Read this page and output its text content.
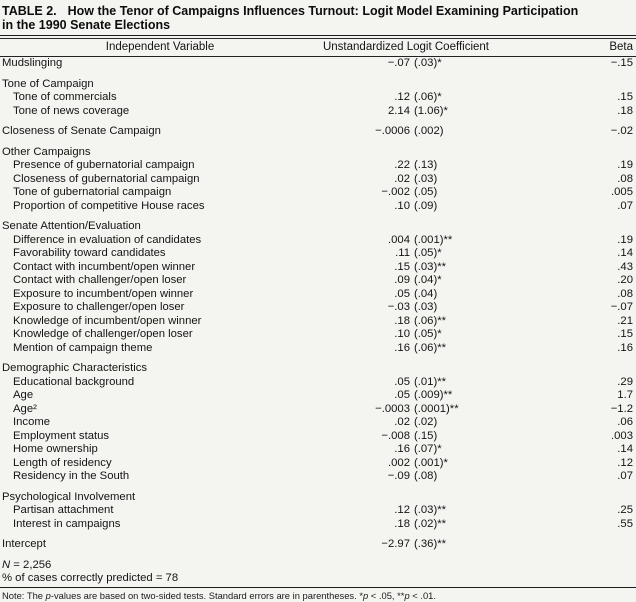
TABLE 2. How the Tenor of Campaigns Influences Turnout: Logit Model Examining Participation
in the 1990 Senate Elections
Independent Variable	Unstandardized Logit Coefficient	Beta
Mudslinging	−.07 (.03)*	−.15
Tone of Campaign
Tone of commercials	.12 (.06)*	.15
Tone of news coverage	2.14 (1.06)*	.18
Closeness of Senate Campaign	−.0006 (.002)	−.02
Other Campaigns
Presence of gubernatorial campaign	.22 (.13)	.19
Closeness of gubernatorial campaign	.02 (.03)	.08
Tone of gubernatorial campaign	−.002 (.05)	.005
Proportion of competitive House races	.10 (.09)	.07
Senate Attention/Evaluation
Difference in evaluation of candidates	.004 (.001)**	.19
Favorability toward candidates	.11 (.05)*	.14
Contact with incumbent/open winner	.15 (.03)**	.43
Contact with challenger/open loser	.09 (.04)*	.20
Exposure to incumbent/open winner	.05 (.04)	.08
Exposure to challenger/open loser	−.03 (.03)	−.07
Knowledge of incumbent/open winner	.18 (.06)**	.21
Knowledge of challenger/open loser	.10 (.05)*	.15
Mention of campaign theme	.16 (.06)**	.16
Demographic Characteristics
Educational background	.05 (.01)**	.29
Age	.05 (.009)**	1.7
Age²	−.0003 (.0001)**	−1.2
Income	.02 (.02)	.06
Employment status	−.008 (.15)	.003
Home ownership	.16 (.07)*	.14
Length of residency	.002 (.001)*	.12
Residency in the South	−.09 (.08)	.07
Psychological Involvement
Partisan attachment	.12 (.03)**	.25
Interest in campaigns	.18 (.02)**	.55
Intercept	−2.97 (.36)**
N = 2,256
% of cases correctly predicted = 78
Note: The p-values are based on two-sided tests. Standard errors are in parentheses. *p < .05, **p < .01.
